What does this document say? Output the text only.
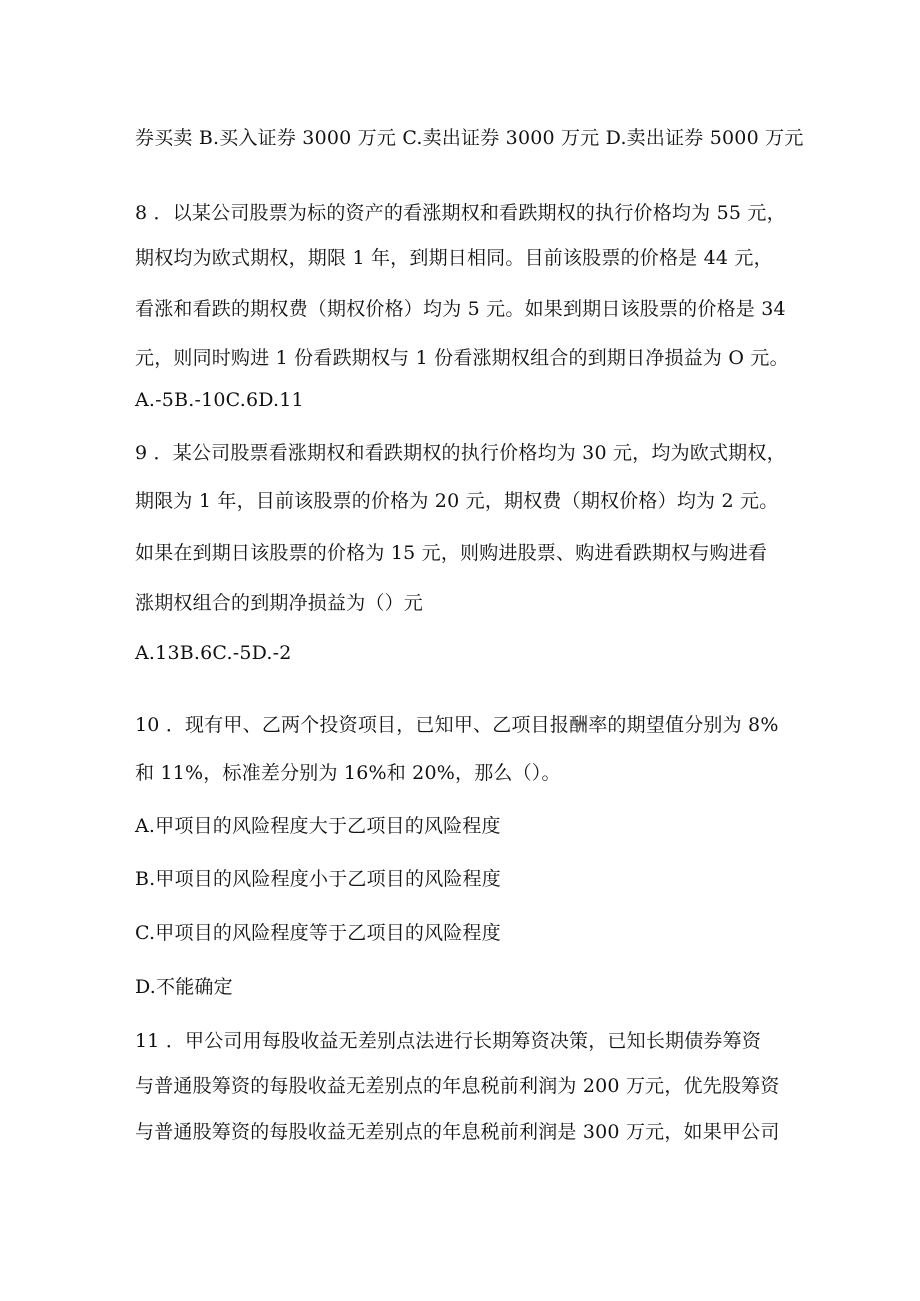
券买卖 B.买入证券 3000 万元 C.卖出证券 3000 万元 D.卖出证券 5000 万元
8 ．以某公司股票为标的资产的看涨期权和看跌期权的执行价格均为 55 元，
期权均为欧式期权，期限 1 年，到期日相同。目前该股票的价格是 44 元，
看涨和看跌的期权费（期权价格）均为 5 元。如果到期日该股票的价格是 34
元，则同时购进 1 份看跌期权与 1 份看涨期权组合的到期日净损益为 O 元。
A.-5B.-10C.6D.11
9 ．某公司股票看涨期权和看跌期权的执行价格均为 30 元，均为欧式期权，
期限为 1 年，目前该股票的价格为 20 元，期权费（期权价格）均为 2 元。
如果在到期日该股票的价格为 15 元，则购进股票、购进看跌期权与购进看
涨期权组合的到期净损益为（）元
A.13B.6C.-5D.-2
10 ．现有甲、乙两个投资项目，已知甲、乙项目报酬率的期望值分别为 8%
和 11%，标准差分别为 16%和 20%，那么（）。
A.甲项目的风险程度大于乙项目的风险程度
B.甲项目的风险程度小于乙项目的风险程度
C.甲项目的风险程度等于乙项目的风险程度
D.不能确定
11 ．甲公司用每股收益无差别点法进行长期筹资决策，已知长期债券筹资
与普通股筹资的每股收益无差别点的年息税前利润为 200 万元，优先股筹资
与普通股筹资的每股收益无差别点的年息税前利润是 300 万元，如果甲公司
